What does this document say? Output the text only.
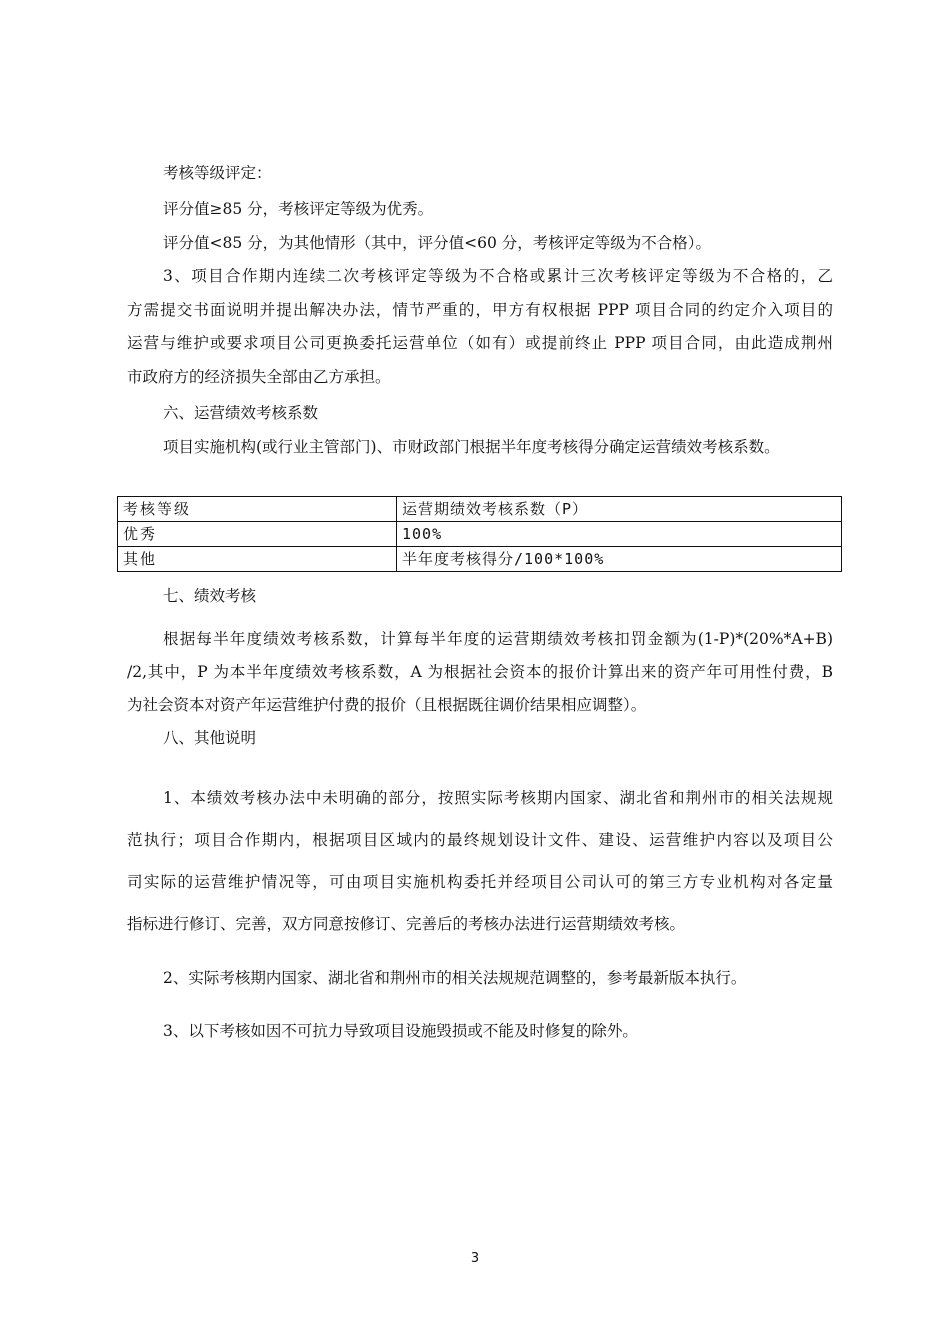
考核等级评定：
评分值≥85 分，考核评定等级为优秀。
评分值<85 分，为其他情形（其中，评分值<60 分，考核评定等级为不合格）。
3、项目合作期内连续二次考核评定等级为不合格或累计三次考核评定等级为不合格的，乙
方需提交书面说明并提出解决办法，情节严重的，甲方有权根据 PPP 项目合同的约定介入项目的
运营与维护或要求项目公司更换委托运营单位（如有）或提前终止 PPP 项目合同，由此造成荆州
市政府方的经济损失全部由乙方承担。
六、运营绩效考核系数
项目实施机构(或行业主管部门)、市财政部门根据半年度考核得分确定运营绩效考核系数。
考核等级	运营期绩效考核系数（P）
优秀	100%
其他	半年度考核得分/100*100%
七、绩效考核
根据每半年度绩效考核系数，计算每半年度的运营期绩效考核扣罚金额为(1-P)*(20%*A+B)
/2,其中，P 为本半年度绩效考核系数，A 为根据社会资本的报价计算出来的资产年可用性付费，B
为社会资本对资产年运营维护付费的报价（且根据既往调价结果相应调整）。
八、其他说明
1、本绩效考核办法中未明确的部分，按照实际考核期内国家、湖北省和荆州市的相关法规规
范执行；项目合作期内，根据项目区域内的最终规划设计文件、建设、运营维护内容以及项目公
司实际的运营维护情况等，可由项目实施机构委托并经项目公司认可的第三方专业机构对各定量
指标进行修订、完善，双方同意按修订、完善后的考核办法进行运营期绩效考核。
2、实际考核期内国家、湖北省和荆州市的相关法规规范调整的，参考最新版本执行。
3、以下考核如因不可抗力导致项目设施毁损或不能及时修复的除外。
3
